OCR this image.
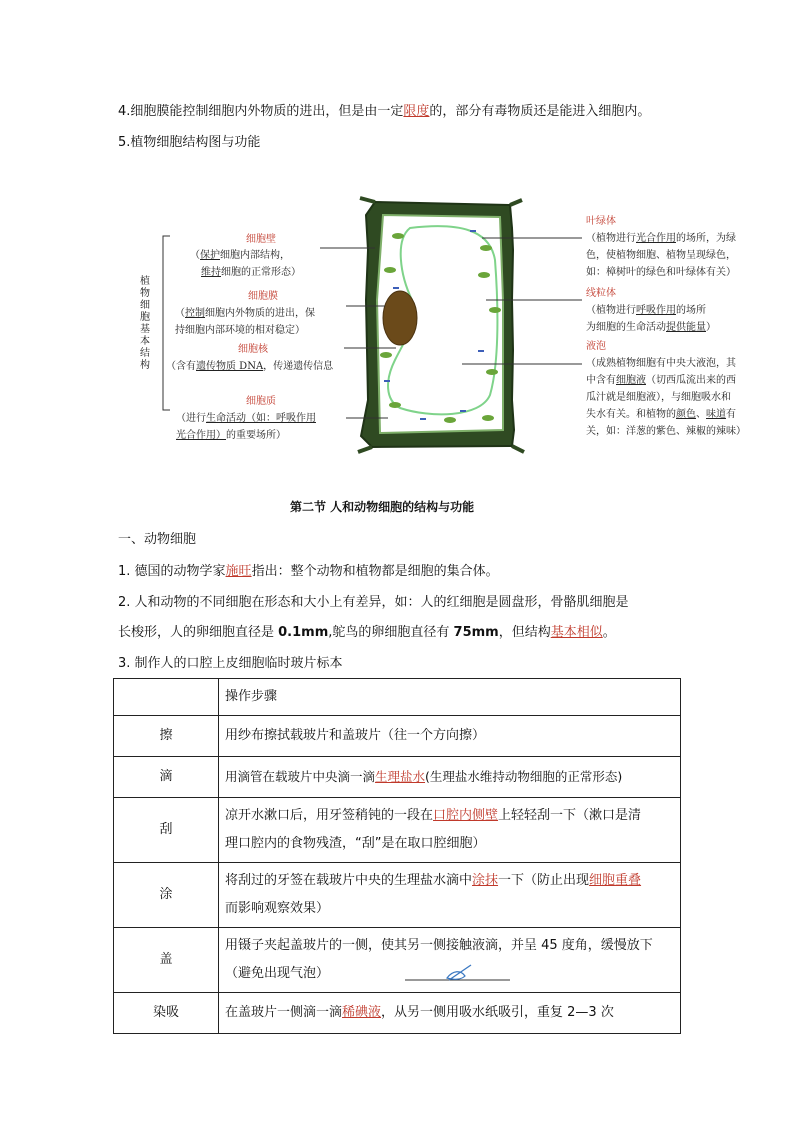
4.细胞膜能控制细胞内外物质的进出，但是由一定限度的，部分有毒物质还是能进入细胞内。
5.植物细胞结构图与功能
植
物
细
胞
基
本
结
构
细胞壁
（保护细胞内部结构，
维持细胞的正常形态）
细胞膜
（控制细胞内外物质的进出，保
持细胞内部环境的相对稳定）
细胞核
（含有遗传物质 DNA，传递遗传信息
细胞质
（进行生命活动（如：呼吸作用
光合作用）的重要场所）
叶绿体
（植物进行光合作用的场所，为绿
色，使植物细胞、植物呈现绿色，
如：樟树叶的绿色和叶绿体有关）
线粒体
（植物进行呼吸作用的场所
为细胞的生命活动提供能量）
液泡
（成熟植物细胞有中央大液泡，其
中含有细胞液（切西瓜流出来的西
瓜汁就是细胞液），与细胞吸水和
失水有关。和植物的颜色、味道有
关，如：洋葱的紫色、辣椒的辣味）
第二节 人和动物细胞的结构与功能
一、动物细胞
1. 德国的动物学家施旺指出：整个动物和植物都是细胞的集合体。
2. 人和动物的不同细胞在形态和大小上有差异，如：人的红细胞是圆盘形，骨骼肌细胞是
长梭形，人的卵细胞直径是 0.1mm,鸵鸟的卵细胞直径有 75mm，但结构基本相似。
3. 制作人的口腔上皮细胞临时玻片标本
	操作步骤
擦	用纱布擦拭载玻片和盖玻片（往一个方向擦）
滴	用滴管在载玻片中央滴一滴生理盐水(生理盐水维持动物细胞的正常形态)
刮	凉开水漱口后，用牙签稍钝的一段在口腔内侧壁上轻轻刮一下（漱口是清
理口腔内的食物残渣，“刮”是在取口腔细胞）

涂	将刮过的牙签在载玻片中央的生理盐水滴中涂抹一下（防止出现细胞重叠
而影响观察效果）

盖	用镊子夹起盖玻片的一侧，使其另一侧接触液滴，并呈 45 度角，缓慢放下
（避免出现气泡）

染吸	在盖玻片一侧滴一滴稀碘液，从另一侧用吸水纸吸引，重复 2—3 次
